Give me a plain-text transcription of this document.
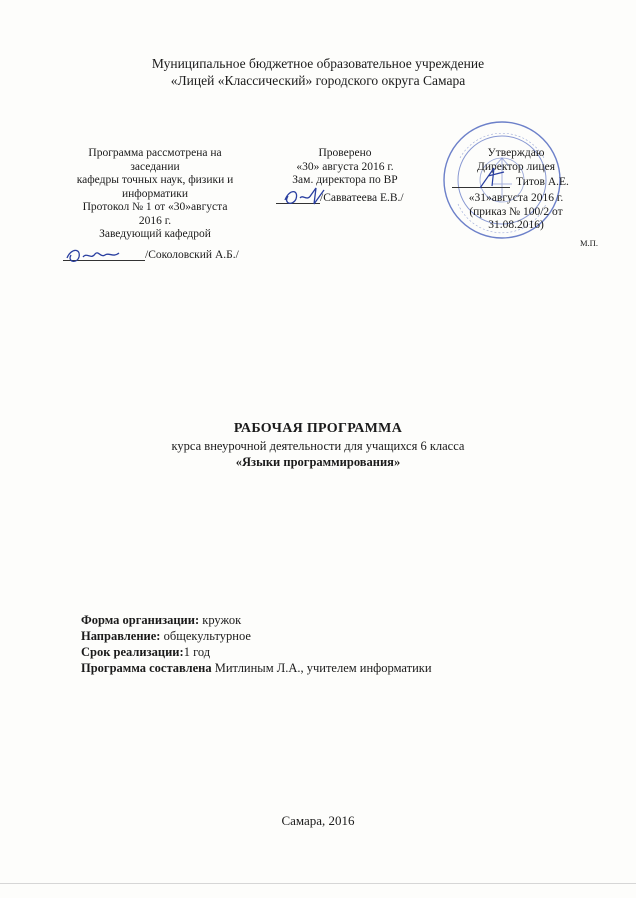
Муниципальное бюджетное образовательное учреждение
«Лицей «Классический» городского округа Самара
Программа рассмотрена на
заседании
кафедры точных наук, физики и
информатики
Протокол № 1 от «30»августа
2016 г.
Заведующий кафедрой
/Соколовский А.Б./
Проверено
«30» августа 2016 г.
Зам. директора по ВР
/Савватеева Е.В./
Утверждаю
Директор лицея
Титов А.Е.
«31»августа 2016 г.
(приказ № 100/2 от
31.08.2016)
М.П.
РАБОЧАЯ ПРОГРАММА
курса внеурочной деятельности для учащихся 6 класса
«Языки программирования»
Форма организации: кружок
Направление: общекультурное
Срок реализации:1 год
Программа составлена Митлиным Л.А., учителем информатики
Самара, 2016
